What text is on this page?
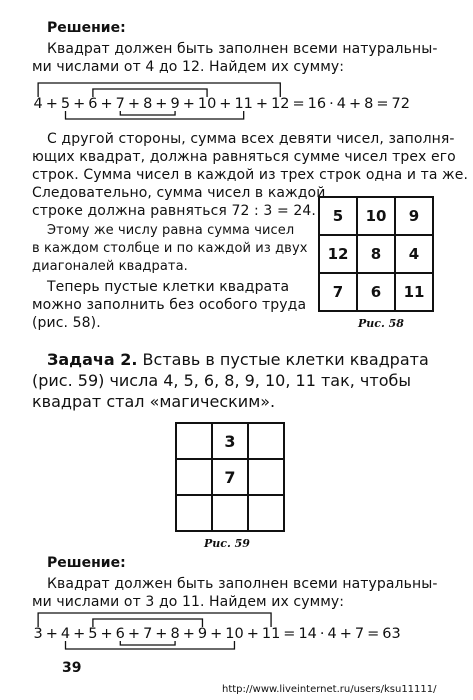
Решение:
Квадрат должен быть заполнен всеми натуральны-
ми числами от 4 до 12. Найдем их сумму:
4 + 5 + 6 + 7 + 8 + 9 + 10 + 11 + 12 = 16 · 4 + 8 = 72
С другой стороны, сумма всех девяти чисел, заполня-
ющих квадрат, должна равняться сумме чисел трех его
строк. Сумма чисел в каждой из трех строк одна и та же.
Следовательно, сумма чисел в каждой
строке должна равняться 72 : 3 = 24.
Этому же числу равна сумма чисел
в каждом столбце и по каждой из двух
диагоналей квадрата.
Теперь пустые клетки квадрата
можно заполнить без особого труда
(рис. 58).
5	10	9
12	8	4
7	6	11
Рис. 58
Задача 2. Вставь в пустые клетки квадрата
(рис. 59) числа 4, 5, 6, 8, 9, 10, 11 так, чтобы
квадрат стал «магическим».
	3	
	7	

Рис. 59
Решение:
Квадрат должен быть заполнен всеми натуральны-
ми числами от 3 до 11. Найдем их сумму:
3 + 4 + 5 + 6 + 7 + 8 + 9 + 10 + 11 = 14 · 4 + 7 = 63
39
http://www.liveinternet.ru/users/ksu11111/
